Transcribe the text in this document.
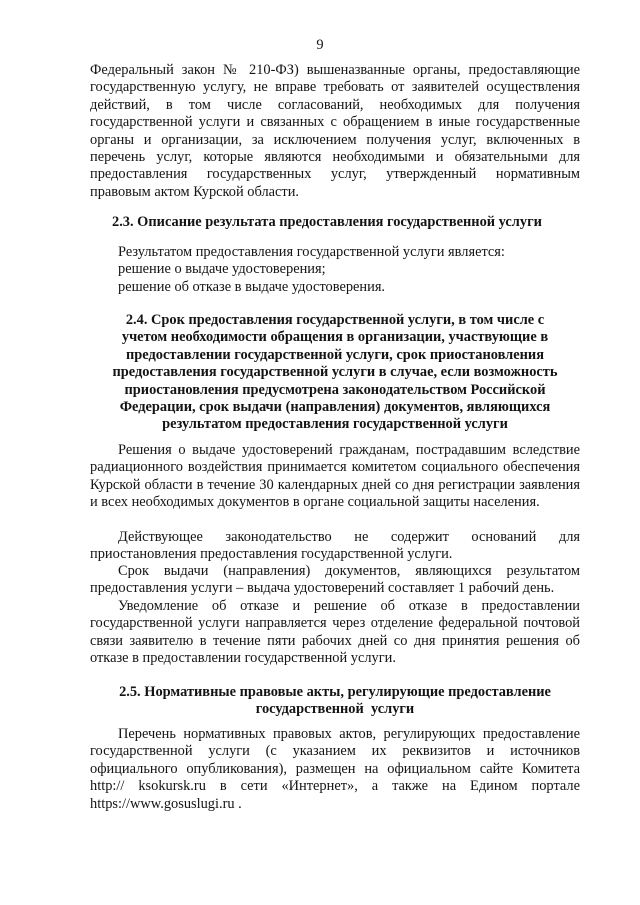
9

Федеральный закон № 210-ФЗ) вышеназванные органы, предоставляющие государственную услугу, не вправе требовать от заявителей осуществления действий, в том числе согласований, необходимых для получения государственной услуги и связанных с обращением в иные государственные органы и организации, за исключением получения услуг, включенных в перечень услуг, которые являются необходимыми и обязательными для предоставления государственных услуг, утвержденный нормативным правовым актом Курской области.

2.3. Описание результата предоставления государственной услуги

Результатом предоставления государственной услуги является:
решение о выдаче удостоверения;
решение об отказе в выдаче удостоверения.
2.4. Срок предоставления государственной услуги, в том числе с
учетом необходимости обращения в организации, участвующие в
предоставлении государственной услуги, срок приостановления
предоставления государственной услуги в случае, если возможность
приостановления предусмотрена законодательством Российской
Федерации, срок выдачи (направления) документов, являющихся
результатом предоставления государственной услуги

Решения о выдаче удостоверений гражданам, пострадавшим вследствие радиационного воздействия принимается комитетом социального обеспечения Курской области в течение 30 календарных дней со дня регистрации заявления и всех необходимых документов в органе социальной защиты населения.

Действующее законодательство не содержит оснований для приостановления предоставления государственной услуги.

Срок выдачи (направления) документов, являющихся результатом предоставления услуги – выдача удостоверений составляет 1 рабочий день.

Уведомление об отказе и решение об отказе в предоставлении государственной услуги направляется через отделение федеральной почтовой связи заявителю в течение пяти рабочих дней со дня принятия решения об отказе в предоставлении государственной услуги.

2.5. Нормативные правовые акты, регулирующие предоставление
государственной  услуги

Перечень нормативных правовых актов, регулирующих предоставление государственной услуги (с указанием их реквизитов и источников официального опубликования), размещен на официальном сайте Комитета http:// ksokursk.ru в сети «Интернет», а также на Едином портале https://www.gosuslugi.ru .
